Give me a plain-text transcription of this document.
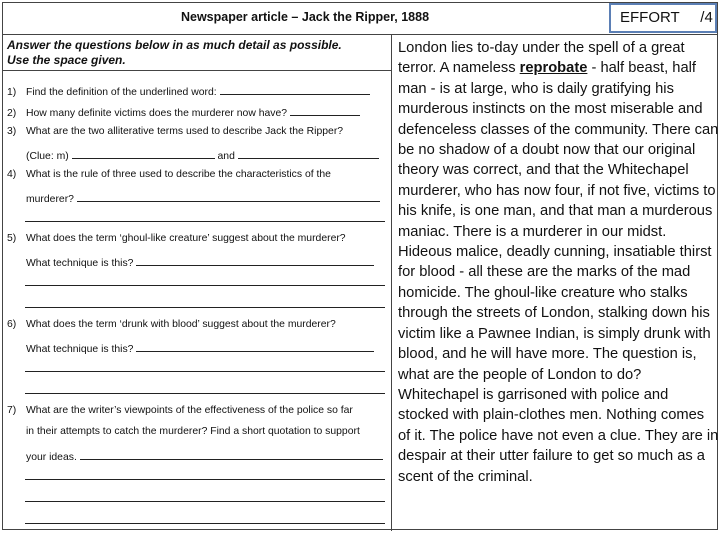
Newspaper article – Jack the Ripper, 1888
Answer the questions below in as much detail as possible.
Use the space given.
1) Find the definition of the underlined word:
2) How many definite victims does the murderer now have?
3) What are the two alliterative terms used to describe Jack the Ripper?
(Clue: m)	and
4) What is the rule of three used to describe the characteristics of the
murderer?
5) What does the term ‘ghoul-like creature’ suggest about the murderer?
What technique is this?
6) What does the term ‘drunk with blood’ suggest about the murderer?
What technique is this?
7) What are the writer’s viewpoints of the effectiveness of the police so far
in their attempts to catch the murderer? Find a short quotation to support
your ideas.
London lies to-day under the spell of a great terror. A nameless reprobate - half beast, half man - is at large, who is daily gratifying his murderous instincts on the most miserable and defenceless classes of the community. There can be no shadow of a doubt now that our original theory was correct, and that the Whitechapel murderer, who has now four, if not five, victims to his knife, is one man, and that man a murderous maniac. There is a murderer in our midst. Hideous malice, deadly cunning, insatiable thirst for blood - all these are the marks of the mad homicide. The ghoul-like creature who stalks through the streets of London, stalking down his victim like a Pawnee Indian, is simply drunk with blood, and he will have more. The question is, what are the people of London to do? Whitechapel is garrisoned with police and stocked with plain-clothes men. Nothing comes of it. The police have not even a clue. They are in despair at their utter failure to get so much as a scent of the criminal.
EFFORT /4
